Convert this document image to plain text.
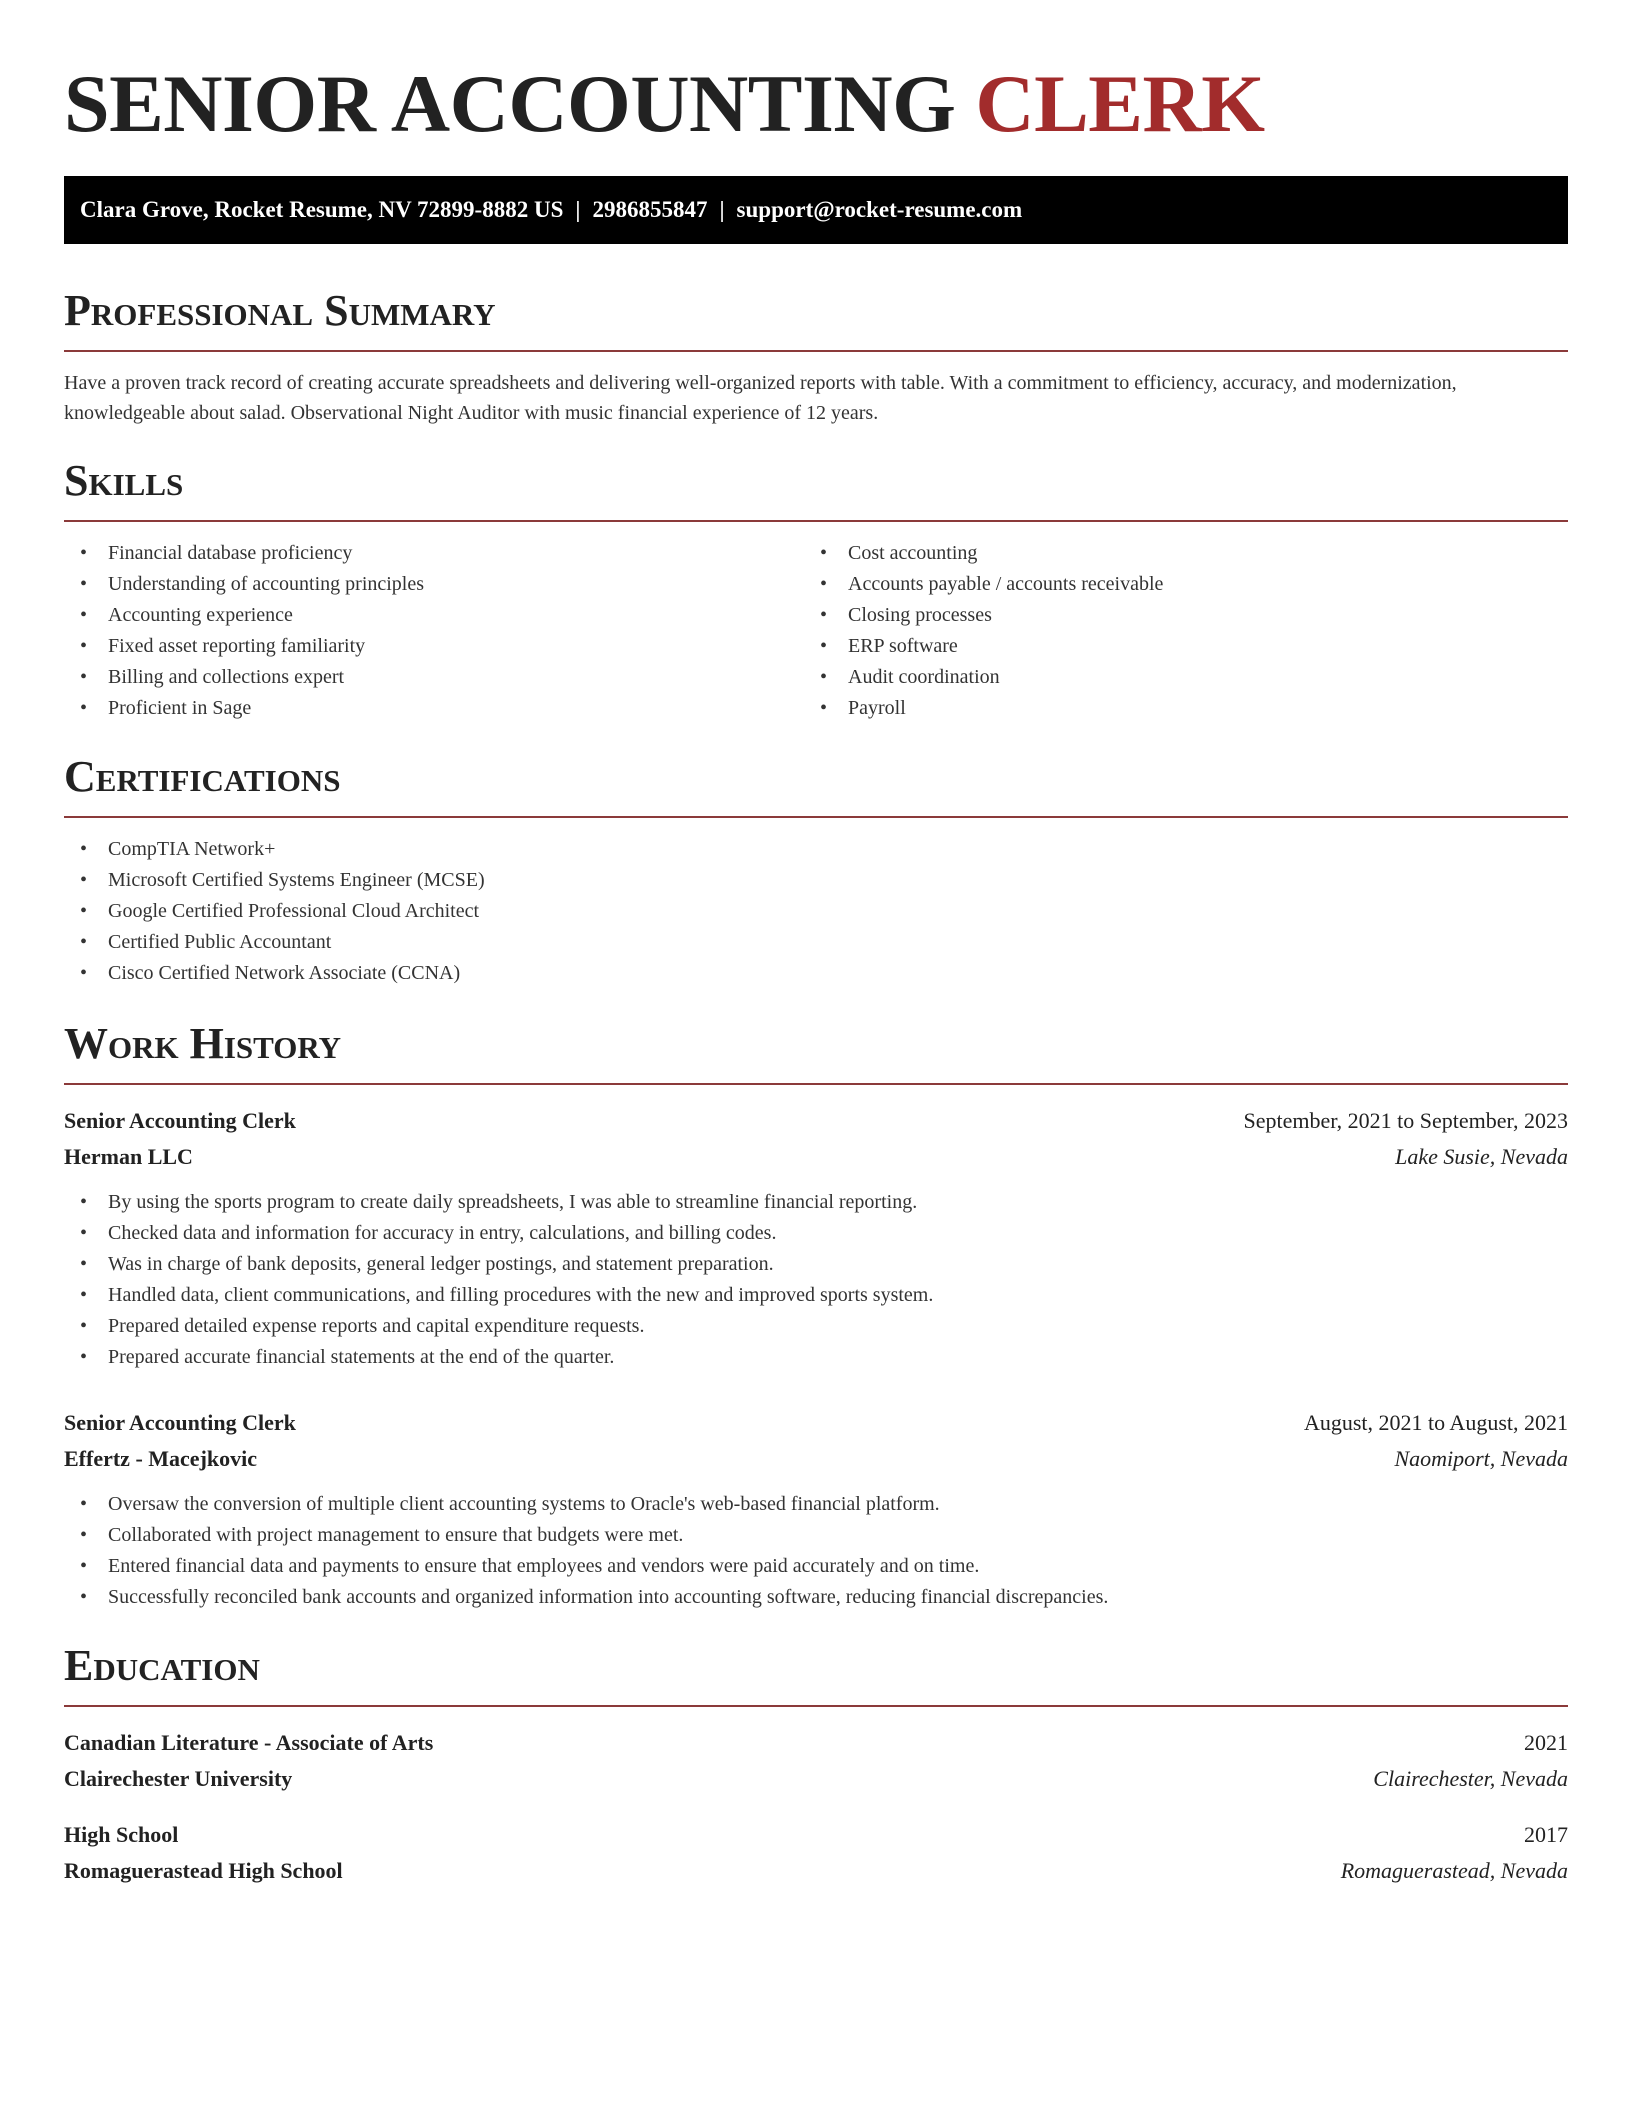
SENIOR ACCOUNTING CLERK
Clara Grove, Rocket Resume, NV 72899-8882 US | 2986855847 | support@rocket-resume.com
Professional Summary

Have a proven track record of creating accurate spreadsheets and delivering well-organized reports with table. With a commitment to efficiency, accuracy, and modernization, knowledgeable about salad. Observational Night Auditor with music financial experience of 12 years.

Skills
• Financial database proficiency
• Understanding of accounting principles
• Accounting experience
• Fixed asset reporting familiarity
• Billing and collections expert
• Proficient in Sage
• Cost accounting
• Accounts payable / accounts receivable
• Closing processes
• ERP software
• Audit coordination
• Payroll
Certifications
• CompTIA Network+
• Microsoft Certified Systems Engineer (MCSE)
• Google Certified Professional Cloud Architect
• Certified Public Accountant
• Cisco Certified Network Associate (CCNA)
Work History
Senior Accounting Clerk	September, 2021 to September, 2023
Herman LLC	Lake Susie, Nevada
• By using the sports program to create daily spreadsheets, I was able to streamline financial reporting.
• Checked data and information for accuracy in entry, calculations, and billing codes.
• Was in charge of bank deposits, general ledger postings, and statement preparation.
• Handled data, client communications, and filling procedures with the new and improved sports system.
• Prepared detailed expense reports and capital expenditure requests.
• Prepared accurate financial statements at the end of the quarter.
Senior Accounting Clerk	August, 2021 to August, 2021
Effertz - Macejkovic	Naomiport, Nevada
• Oversaw the conversion of multiple client accounting systems to Oracle's web-based financial platform.
• Collaborated with project management to ensure that budgets were met.
• Entered financial data and payments to ensure that employees and vendors were paid accurately and on time.
• Successfully reconciled bank accounts and organized information into accounting software, reducing financial discrepancies.
Education
Canadian Literature - Associate of Arts	2021
Clairechester University	Clairechester, Nevada
High School	2017
Romaguerastead High School	Romaguerastead, Nevada
